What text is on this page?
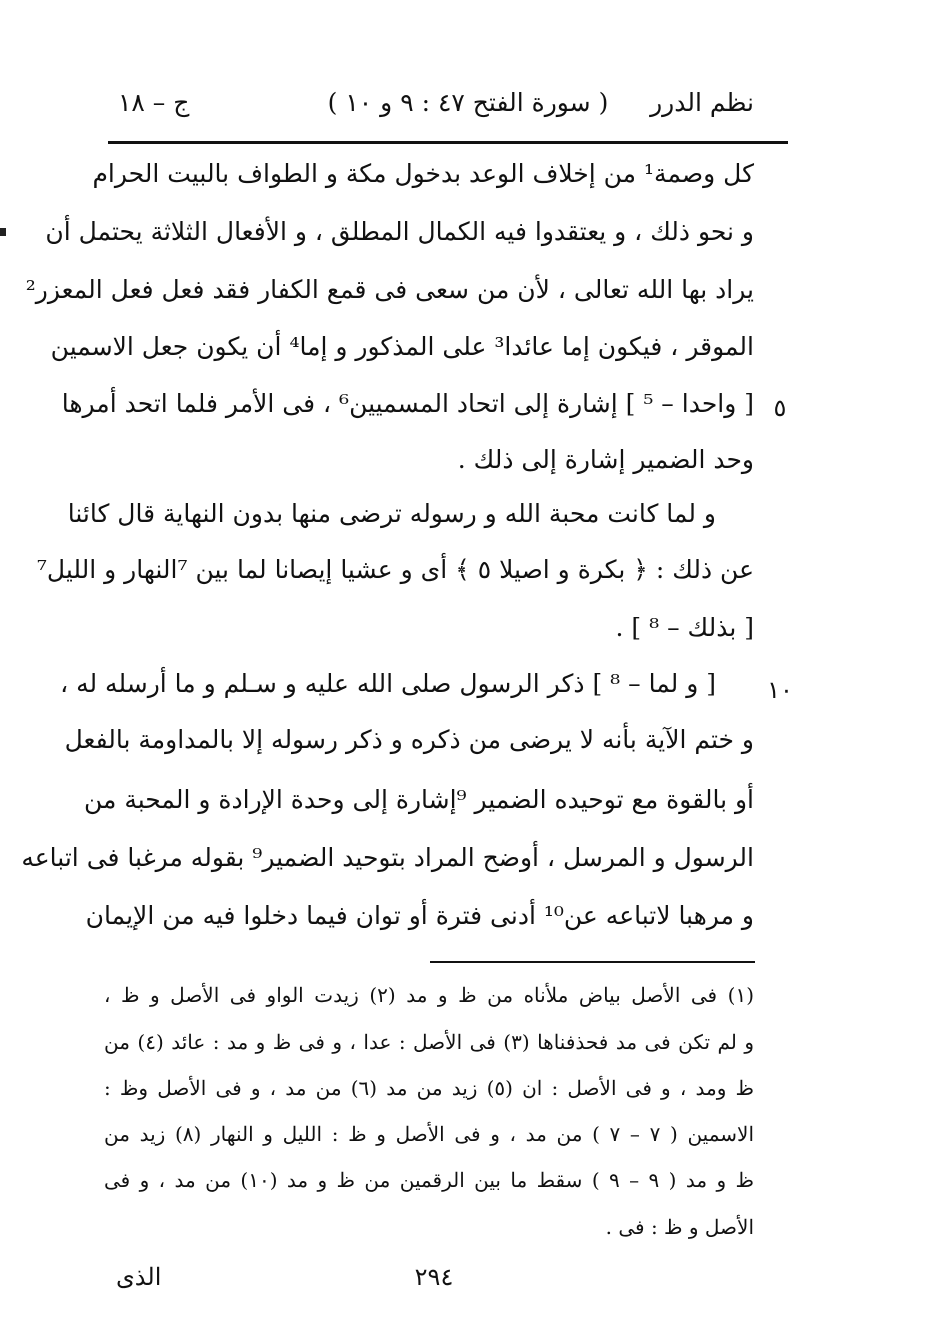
نظم الدرر
( سورة الفتح ٤٧ : ٩ و ١٠ )
ج – ١٨
كل وصمة¹ من إخلاف الوعد بدخول مكة و الطواف بالبيت الحرام
و نحو ذلك ، و يعتقدوا فيه الكمال المطلق ، و الأفعال الثلاثة يحتمل أن
يراد بها الله تعالى ، لأن من سعى فى قمع الكفار فقد فعل فعل المعزر²
الموقر ، فيكون إما عائدا³ على المذكور و إما⁴ أن يكون جعل الاسمين
[ واحدا – ⁵ ] إشارة إلى اتحاد المسميين⁶ ، فى الأمر فلما اتحد أمرها ٥
وحد الضمير إشارة إلى ذلك .
و لما كانت محبة الله و رسوله ترضى منها بدون النهاية قال كائنا
عن ذلك : ﴿ بكرة و اصيلا ٥ ﴾ أى و عشيا إيصانا لما بين ⁷النهار و الليل⁷
[ بذلك – ⁸ ] .
[ و لما – ⁸ ] ذكر الرسول صلى الله عليه و سـلم و ما أرسله له ، ١٠
و ختم الآية بأنه لا يرضى من ذكره و ذكر رسوله إلا بالمداومة بالفعل
أو بالقوة مع توحيده الضمير ⁹إشارة إلى وحدة الإرادة و المحبة من
الرسول و المرسل ، أوضح المراد بتوحيد الضمير⁹ بقوله مرغبا فى اتباعه
و مرهبا لاتباعه عن¹⁰ أدنى فترة أو توان فيما دخلوا فيه من الإيمان
(١) فى الأصل بياض ملأناه من ظ و مد (٢) زيدت الواو فى الأصل و ظ ،
و لم تكن فى مد فحذفناها (٣) فى الأصل : عدا ، و فى ظ و مد : عائد (٤) من
ظ ومد ، و فى الأصل : ان (٥) زيد من مد (٦) من مد ، و فى الأصل وظ :
الاسمين ( ٧ – ٧ ) من مد ، و فى الأصل و ظ : الليل و النهار (٨) زيد من
ظ و مد ( ٩ – ٩ ) سقط ما بين الرقمين من ظ و مد (١٠) من مد ، و فى
الأصل و ظ : فى .
الذى	٢٩٤
